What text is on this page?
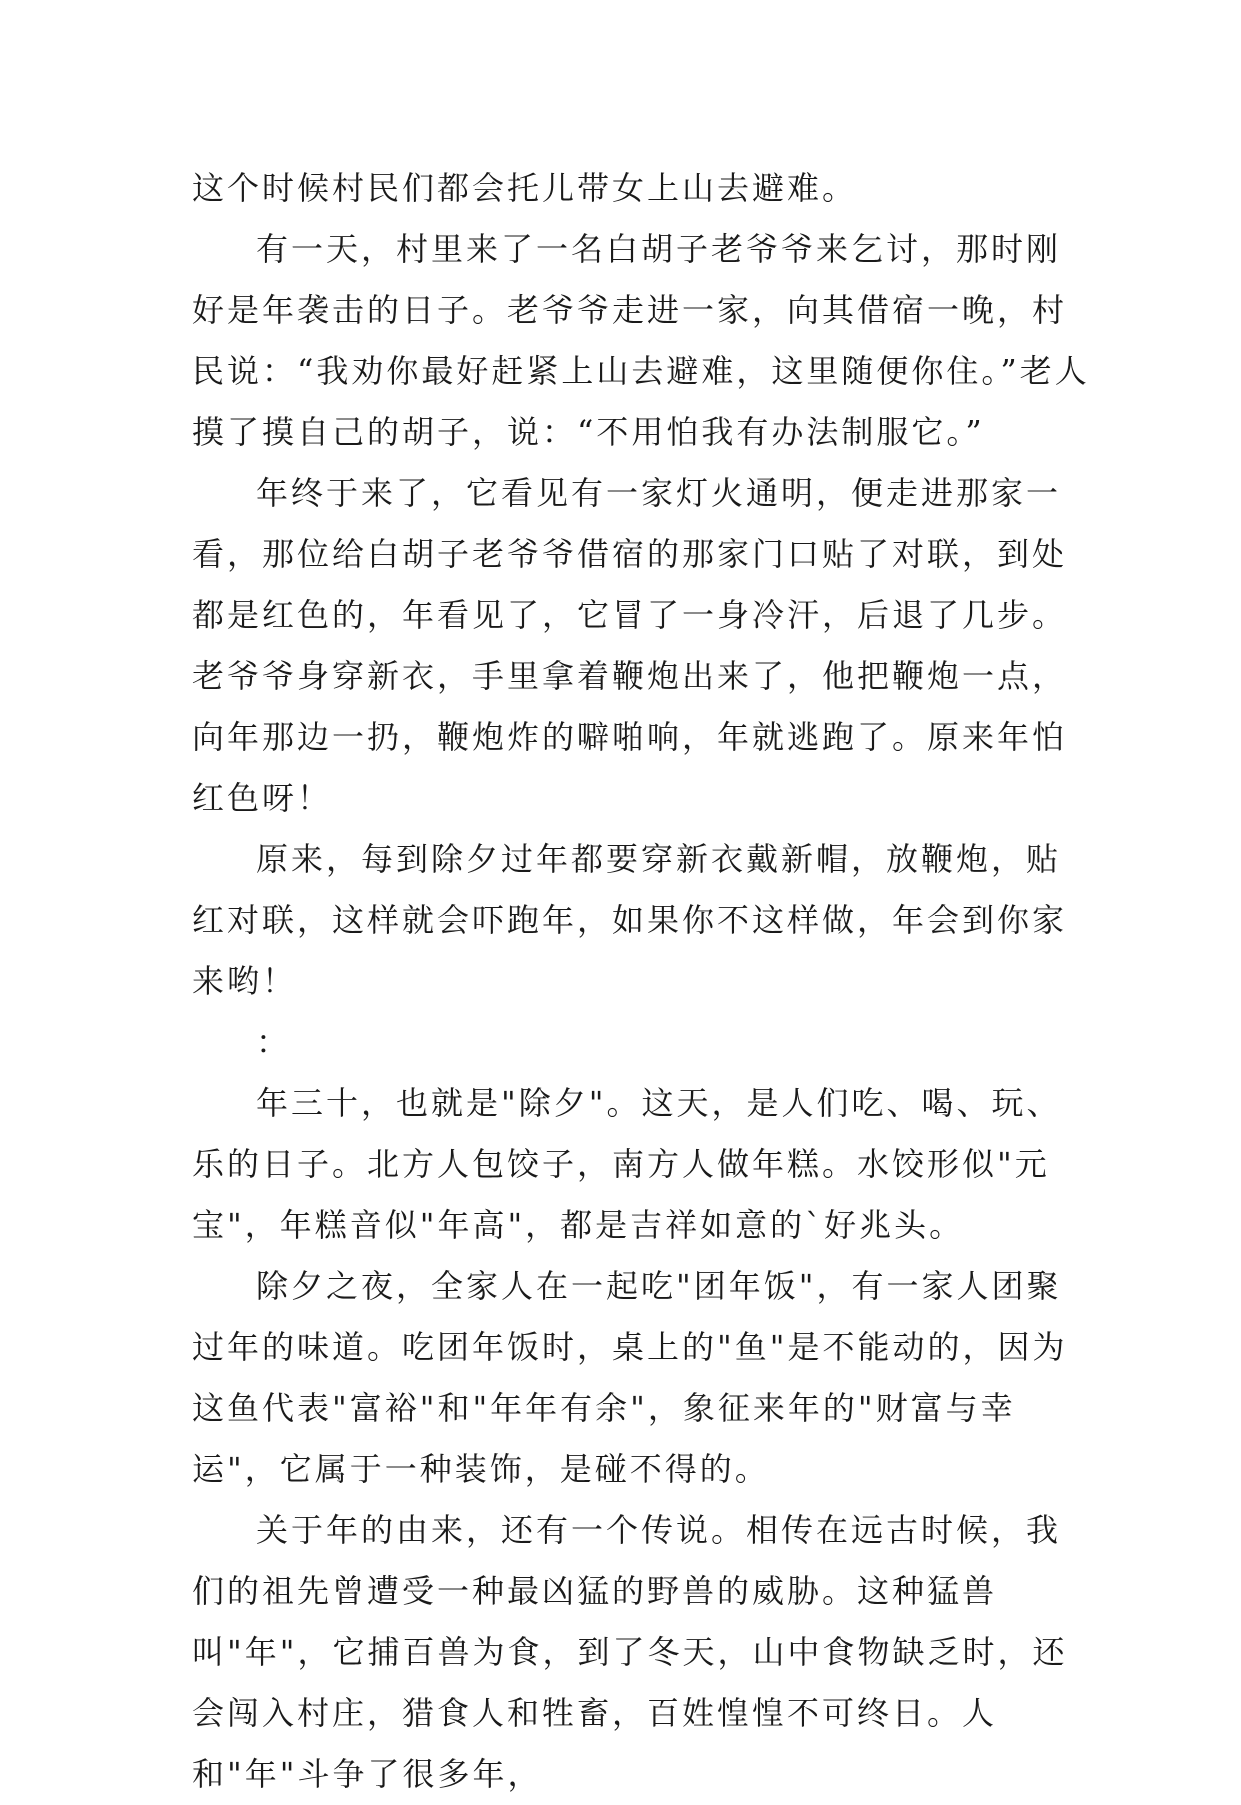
这个时候村民们都会托儿带女上山去避难。

有一天，村里来了一名白胡子老爷爷来乞讨，那时刚好是年袭击的日子。老爷爷走进一家，向其借宿一晚，村民说：“我劝你最好赶紧上山去避难，这里随便你住。”老人摸了摸自己的胡子，说：“不用怕我有办法制服它。”

年终于来了，它看见有一家灯火通明，便走进那家一看，那位给白胡子老爷爷借宿的那家门口贴了对联，到处都是红色的，年看见了，它冒了一身冷汗，后退了几步。老爷爷身穿新衣，手里拿着鞭炮出来了，他把鞭炮一点，向年那边一扔，鞭炮炸的噼啪响，年就逃跑了。原来年怕红色呀！

原来，每到除夕过年都要穿新衣戴新帽，放鞭炮，贴红对联，这样就会吓跑年，如果你不这样做，年会到你家来哟！

：

年三十，也就是"除夕"。这天，是人们吃、喝、玩、乐的日子。北方人包饺子，南方人做年糕。水饺形似"元宝"，年糕音似"年高"，都是吉祥如意的`好兆头。

除夕之夜，全家人在一起吃"团年饭"，有一家人团聚过年的味道。吃团年饭时，桌上的"鱼"是不能动的，因为这鱼代表"富裕"和"年年有余"，象征来年的"财富与幸运"，它属于一种装饰，是碰不得的。

关于年的由来，还有一个传说。相传在远古时候，我们的祖先曾遭受一种最凶猛的野兽的威胁。这种猛兽叫"年"，它捕百兽为食，到了冬天，山中食物缺乏时，还会闯入村庄，猎食人和牲畜，百姓惶惶不可终日。人和"年"斗争了很多年，
